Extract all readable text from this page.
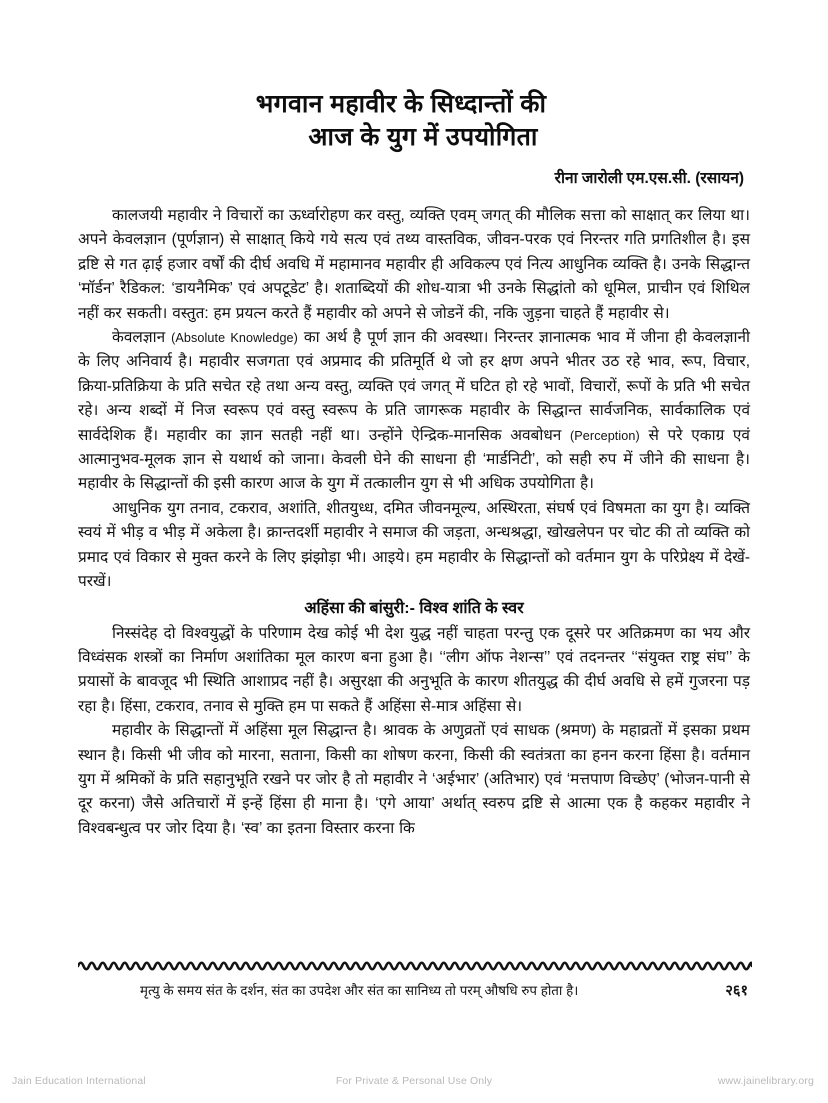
भगवान महावीर के सिध्दान्तों की
आज के युग में उपयोगिता
रीना जारोली एम.एस.सी. (रसायन)

कालजयी महावीर ने विचारों का ऊर्ध्वारोहण कर वस्तु, व्यक्ति एवम् जगत् की मौलिक सत्ता को साक्षात् कर लिया था। अपने केवलज्ञान (पूर्णज्ञान) से साक्षात् किये गये सत्य एवं तथ्य वास्तविक, जीवन-परक एवं निरन्तर गति प्रगतिशील है। इस द्रष्टि से गत ढ़ाई हजार वर्षों की दीर्घ अवधि में महामानव महावीर ही अविकल्प एवं नित्य आधुनिक व्यक्ति है। उनके सिद्धान्त ‘मॉर्डन’ रैडिकल: ‘डायनैमिक’ एवं अपटूडेट’ है। शताब्दियों की शोध-यात्रा भी उनके सिद्धांतो को धूमिल, प्राचीन एवं शिथिल नहीं कर सकती। वस्तुत: हम प्रयत्न करते हैं महावीर को अपने से जोडनें की, नकि जुड़ना चाहते हैं महावीर से।

केवलज्ञान (Absolute Knowledge) का अर्थ है पूर्ण ज्ञान की अवस्था। निरन्तर ज्ञानात्मक भाव में जीना ही केवलज्ञानी के लिए अनिवार्य है। महावीर सजगता एवं अप्रमाद की प्रतिमूर्ति थे जो हर क्षण अपने भीतर उठ रहे भाव, रूप, विचार, क्रिया-प्रतिक्रिया के प्रति सचेत रहे तथा अन्य वस्तु, व्यक्ति एवं जगत् में घटित हो रहे भावों, विचारों, रूपों के प्रति भी सचेत रहे। अन्य शब्दों में निज स्वरूप एवं वस्तु स्वरूप के प्रति जागरूक महावीर के सिद्धान्त सार्वजनिक, सार्वकालिक एवं सार्वदेशिक हैं। महावीर का ज्ञान सतही नहीं था। उन्होंने ऐन्द्रिक-मानसिक अवबोधन (Perception) से परे एकाग्र एवं आत्मानुभव-मूलक ज्ञान से यथार्थ को जाना। केवली घेने की साधना ही ‘मार्डनिटी’, को सही रुप में जीने की साधना है। महावीर के सिद्धान्तों की इसी कारण आज के युग में तत्कालीन युग से भी अधिक उपयोगिता है।

आधुनिक युग तनाव, टकराव, अशांति, शीतयुध्ध, दमित जीवनमूल्य, अस्थिरता, संघर्ष एवं विषमता का युग है। व्यक्ति स्वयं में भीड़ व भीड़ में अकेला है। क्रान्तदर्शी महावीर ने समाज की जड़ता, अन्धश्रद्धा, खोखलेपन पर चोट की तो व्यक्ति को प्रमाद एवं विकार से मुक्त करने के लिए झंझोड़ा भी। आइये। हम महावीर के सिद्धान्तों को वर्तमान युग के परिप्रेक्ष्य में देखें-परखें।

अहिंसा की बांसुरी:- विश्व शांति के स्वर

निस्संदेह दो विश्वयुद्धों के परिणाम देख कोई भी देश युद्ध नहीं चाहता परन्तु एक दूसरे पर अतिक्रमण का भय और विध्वंसक शस्त्रों का निर्माण अशांतिका मूल कारण बना हुआ है। ‘‘लीग ऑफ नेशन्स’’ एवं तदनन्तर ‘‘संयुक्त राष्ट्र संघ’’ के प्रयासों के बावजूद भी स्थिति आशाप्रद नहीं है। असुरक्षा की अनुभूति के कारण शीतयुद्ध की दीर्घ अवधि से हमें गुजरना पड़ रहा है। हिंसा, टकराव, तनाव से मुक्ति हम पा सकते हैं अहिंसा से-मात्र अहिंसा से।

महावीर के सिद्धान्तों में अहिंसा मूल सिद्धान्त है। श्रावक के अणुव्रतों एवं साधक (श्रमण) के महाव्रतों में इसका प्रथम स्थान है। किसी भी जीव को मारना, सताना, किसी का शोषण करना, किसी की स्वतंत्रता का हनन करना हिंसा है। वर्तमान युग में श्रमिकों के प्रति सहानुभूति रखने पर जोर है तो महावीर ने ‘अईभार’ (अतिभार) एवं ‘मत्तपाण विच्छेए’ (भोजन-पानी से दूर करना) जैसे अतिचारों में इन्हें हिंसा ही माना है। ‘एगे आया’ अर्थात् स्वरुप द्रष्टि से आत्मा एक है कहकर महावीर ने विश्वबन्धुत्व पर जोर दिया है। ‘स्व’ का इतना विस्तार करना कि

मृत्यु के समय संत के दर्शन, संत का उपदेश और संत का सानिध्य तो परम् औषधि रुप होता है।	२६१
Jain Education International	For Private & Personal Use Only	www.jainelibrary.org
